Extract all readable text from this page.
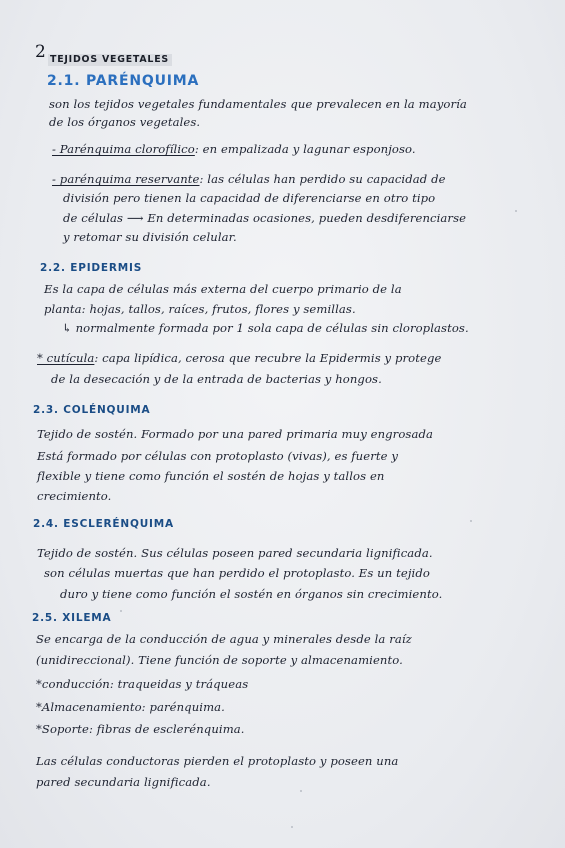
2 TEJIDOS VEGETALES
2.1. PARÉNQUIMA
son los tejidos vegetales fundamentales que prevalecen en la mayoría
de los órganos vegetales.
- Parénquima clorofílico: en empalizada y lagunar esponjoso.
- parénquima reservante: las células han perdido su capacidad de
división pero tienen la capacidad de diferenciarse en otro tipo
de células ⟶ En determinadas ocasiones, pueden desdiferenciarse
y retomar su división celular.
2.2. EPIDERMIS
Es la capa de células más externa del cuerpo primario de la
planta: hojas, tallos, raíces, frutos, flores y semillas.
↳ normalmente formada por 1 sola capa de células sin cloroplastos.
* cutícula: capa lipídica, cerosa que recubre la Epidermis y protege
de la desecación y de la entrada de bacterias y hongos.
2.3. COLÉNQUIMA
Tejido de sostén. Formado por una pared primaria muy engrosada
Está formado por células con protoplasto (vivas), es fuerte y
flexible y tiene como función el sostén de hojas y tallos en
crecimiento.
2.4. ESCLERÉNQUIMA
Tejido de sostén. Sus células poseen pared secundaria lignificada.
son células muertas que han perdido el protoplasto. Es un tejido
duro y tiene como función el sostén en órganos sin crecimiento.
2.5. XILEMA
Se encarga de la conducción de agua y minerales desde la raíz
(unidireccional). Tiene función de soporte y almacenamiento.
*conducción: traqueidas y tráqueas
*Almacenamiento: parénquima.
*Soporte: fibras de esclerénquima.
Las células conductoras pierden el protoplasto y poseen una
pared secundaria lignificada.
